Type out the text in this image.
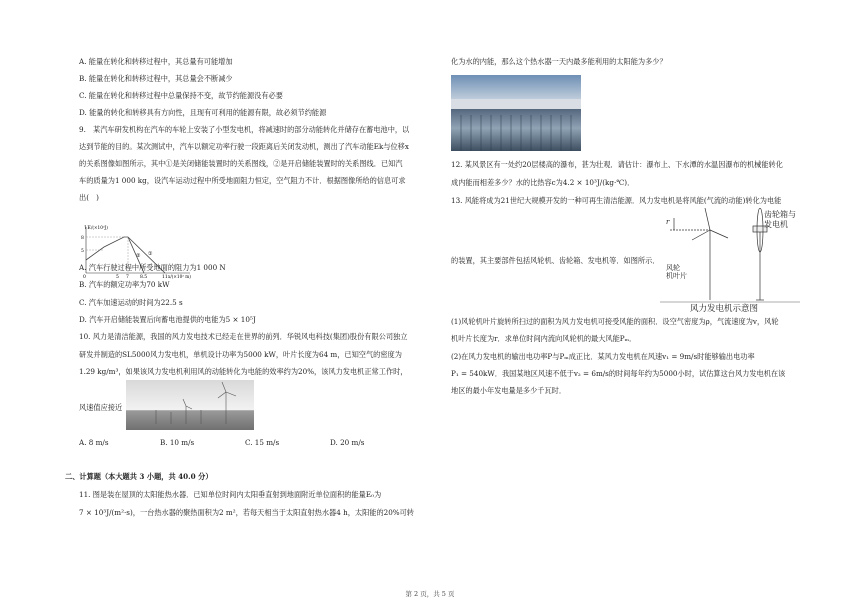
A. 能量在转化和转移过程中，其总量有可能增加
B. 能量在转化和转移过程中，其总量会不断减少
C. 能量在转化和转移过程中总量保持不变，故节约能源没有必要
D. 能量的转化和转移具有方向性，且现有可利用的能源有限，故必须节约能源
9.　某汽车研发机构在汽车的车轮上安装了小型发电机，将减速时的部分动能转化并储存在蓄电池中，以
达到节能的目的。某次测试中，汽车以额定功率行驶一段距离后关闭发动机，测出了汽车动能Ek与位移x
的关系图像如图所示，其中①是关闭储能装置时的关系图线，②是开启储能装置时的关系图线．已知汽
车的质量为1 000 kg，设汽车运动过程中所受地面阻力恒定，空气阻力不计．根据图像所给的信息可求
出(　)
↑E /(×10⁵J)
8
5
0	5 7 8.5	11 x/(×10² m)
①
②
A. 汽车行驶过程中所受地面的阻力为1 000 N
B. 汽车的额定功率为70 kW
C. 汽车加速运动的时间为22.5 s
D. 汽车开启储能装置后向蓄电池提供的电能为5 × 10⁵J
10. 风力是清洁能源，我国的风力发电技术已经走在世界的前列．华锐风电科技(集团)股份有限公司独立
研发并制造的SL5000风力发电机，单机设计功率为5000 kW，叶片长度为64 m，已知空气的密度为
1.29 kg/m³，如果该风力发电机利用风的动能转化为电能的效率约为20%，该风力发电机正常工作时，
风速值应接近
A. 8 m/s	B. 10 m/s	C. 15 m/s	D. 20 m/s
二、计算题（本大题共 3 小题，共 40.0 分）
11. 图是装在屋顶的太阳能热水器．已知单位时间内太阳垂直射到地面附近单位面积的能量E₀为
7 × 10³J/(m²·s)，一台热水器的聚热面积为2 m²，若每天相当于太阳直射热水器4 h，太阳能的20%可转
化为水的内能，那么这个热水器一天内最多能利用的太阳能为多少？
12. 某风景区有一处约20层楼高的瀑布，甚为壮观．请估计：瀑布上、下水潭的水温因瀑布的机械能转化
成内能而相差多少？水的比热容c为4.2 × 10³J/(kg·℃)．
13. 风能将成为21世纪大规模开发的一种可再生清洁能源．风力发电机是将风能(气流的动能)转化为电能
的装置，其主要部件包括风轮机、齿轮箱、发电机等．如图所示．
r
齿轮箱与
发电机
风轮
机叶片
风力发电机示意图
(1)风轮机叶片旋转所扫过的面积为风力发电机可接受风能的面积．设空气密度为ρ，气流速度为v，风轮
机叶片长度为r．求单位时间内流向风轮机的最大风能Pₘ．
(2)在风力发电机的输出电功率P与Pₘ成正比．某风力发电机在风速v₁ = 9m/s时能够输出电功率
P₁ = 540kW．我国某地区风速不低于v₂ = 6m/s的时间每年约为5000小时，试估算这台风力发电机在该
地区的最小年发电量是多少千瓦时．
第 2 页，共 5 页
